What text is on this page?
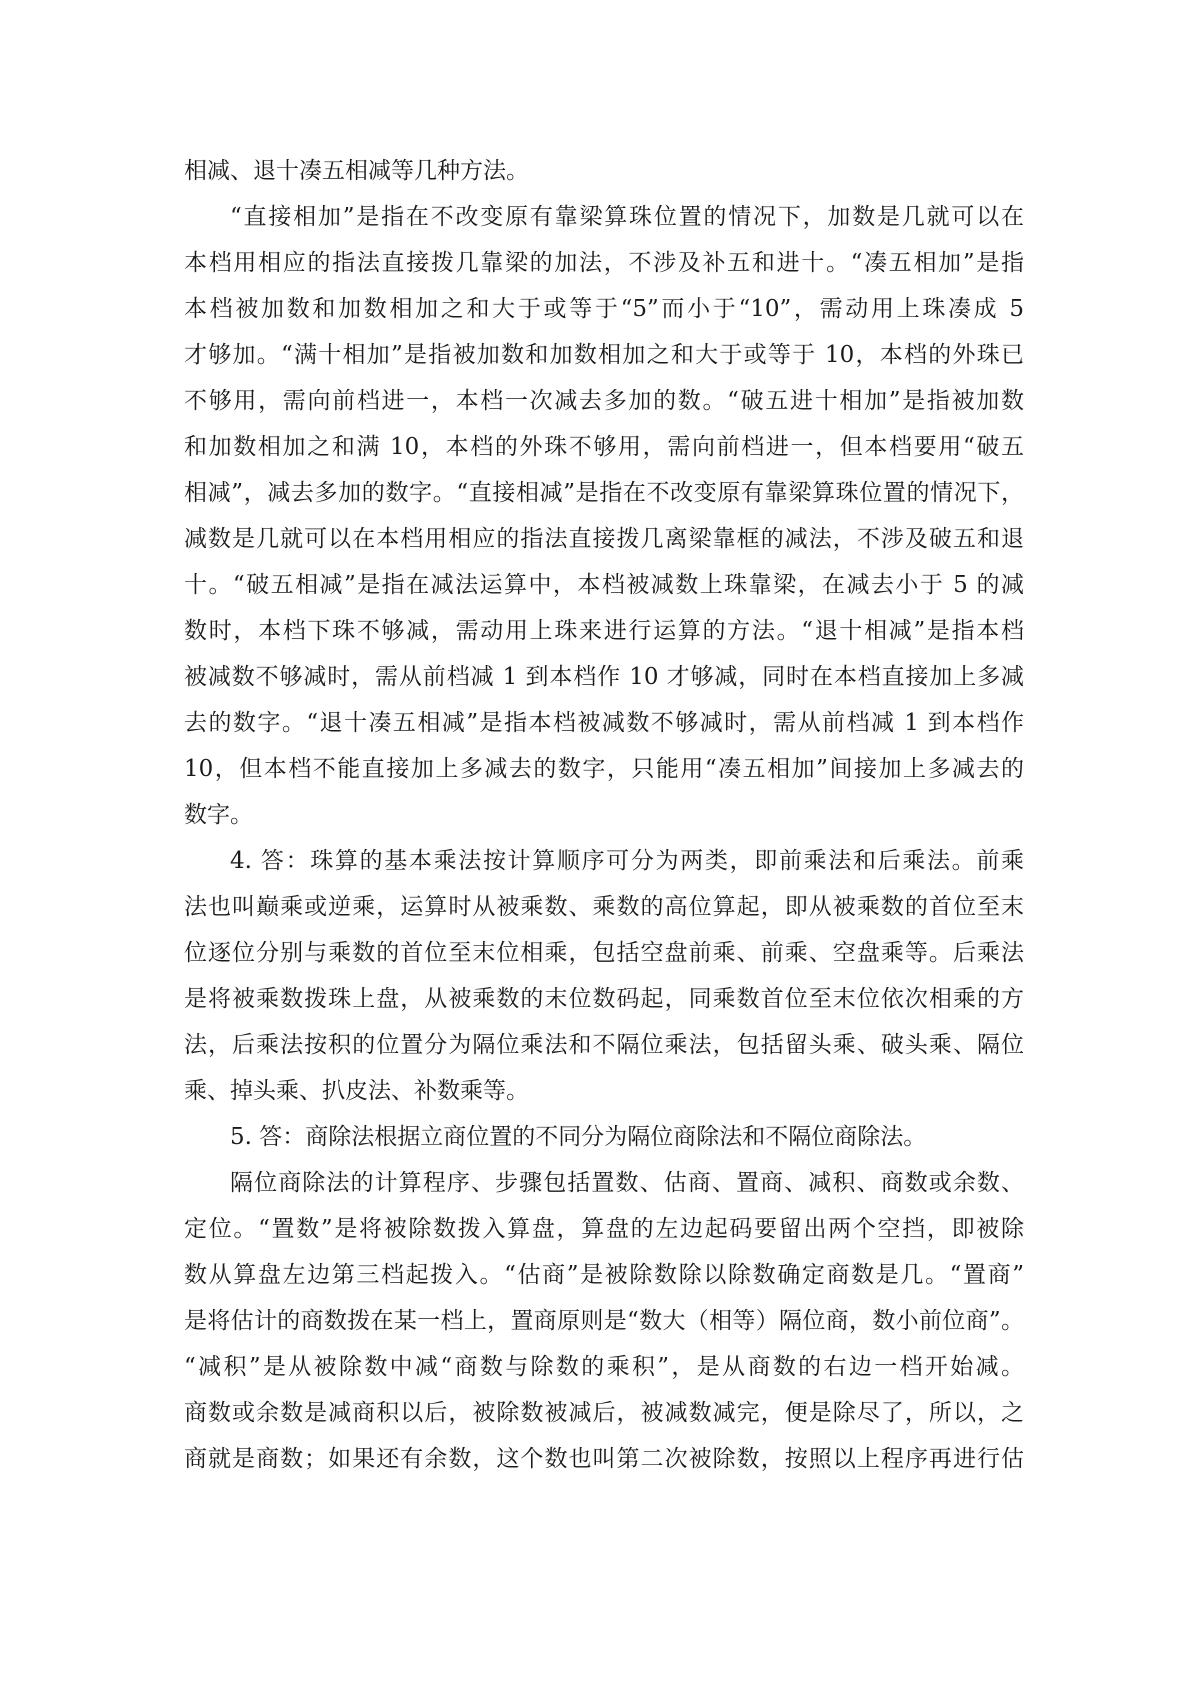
相减、退十凑五相减等几种方法。
“直接相加”是指在不改变原有靠梁算珠位置的情况下，加数是几就可以在
本档用相应的指法直接拨几靠梁的加法，不涉及补五和进十。“凑五相加”是指
本档被加数和加数相加之和大于或等于“5”而小于“10”，需动用上珠凑成 5
才够加。“满十相加”是指被加数和加数相加之和大于或等于 10，本档的外珠已
不够用，需向前档进一，本档一次减去多加的数。“破五进十相加”是指被加数
和加数相加之和满 10，本档的外珠不够用，需向前档进一，但本档要用“破五
相减”，减去多加的数字。“直接相减”是指在不改变原有靠梁算珠位置的情况下，
减数是几就可以在本档用相应的指法直接拨几离梁靠框的减法，不涉及破五和退
十。“破五相减”是指在减法运算中，本档被减数上珠靠梁，在减去小于 5 的减
数时，本档下珠不够减，需动用上珠来进行运算的方法。“退十相减”是指本档
被减数不够减时，需从前档减 1 到本档作 10 才够减，同时在本档直接加上多减
去的数字。“退十凑五相减”是指本档被减数不够减时，需从前档减 1 到本档作
10，但本档不能直接加上多减去的数字，只能用“凑五相加”间接加上多减去的
数字。
4. 答：珠算的基本乘法按计算顺序可分为两类，即前乘法和后乘法。前乘
法也叫巅乘或逆乘，运算时从被乘数、乘数的高位算起，即从被乘数的首位至末
位逐位分别与乘数的首位至末位相乘，包括空盘前乘、前乘、空盘乘等。后乘法
是将被乘数拨珠上盘，从被乘数的末位数码起，同乘数首位至末位依次相乘的方
法，后乘法按积的位置分为隔位乘法和不隔位乘法，包括留头乘、破头乘、隔位
乘、掉头乘、扒皮法、补数乘等。
5. 答：商除法根据立商位置的不同分为隔位商除法和不隔位商除法。
隔位商除法的计算程序、步骤包括置数、估商、置商、减积、商数或余数、
定位。“置数”是将被除数拨入算盘，算盘的左边起码要留出两个空挡，即被除
数从算盘左边第三档起拨入。“估商”是被除数除以除数确定商数是几。“置商”
是将估计的商数拨在某一档上，置商原则是“数大（相等）隔位商，数小前位商”。
“减积”是从被除数中减“商数与除数的乘积”，是从商数的右边一档开始减。
商数或余数是减商积以后，被除数被减后，被减数减完，便是除尽了，所以，之
商就是商数；如果还有余数，这个数也叫第二次被除数，按照以上程序再进行估
